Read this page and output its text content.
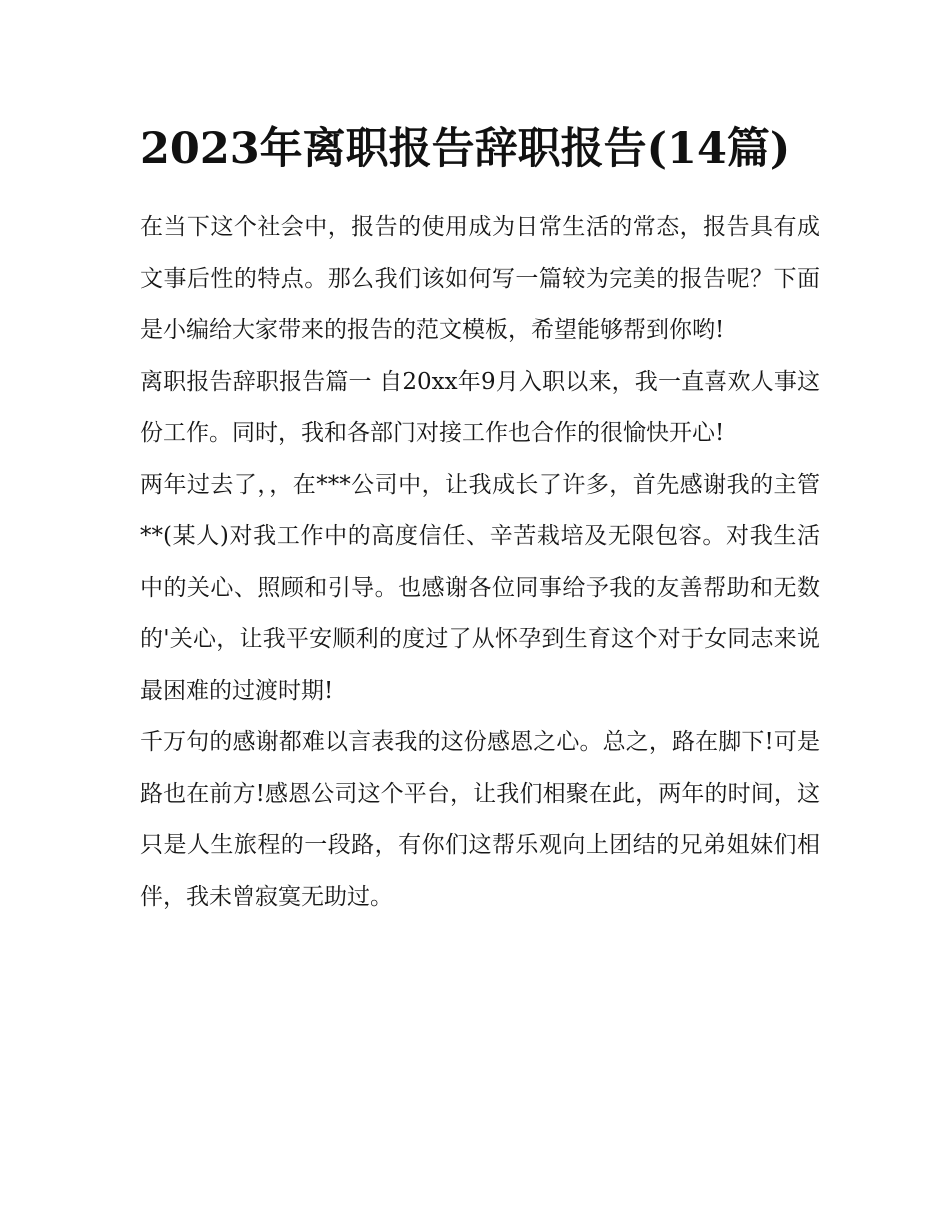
2023年离职报告辞职报告(14篇)

在当下这个社会中，报告的使用成为日常生活的常态，报告具有成文事后性的特点。那么我们该如何写一篇较为完美的报告呢？下面是小编给大家带来的报告的范文模板，希望能够帮到你哟!

离职报告辞职报告篇一 自20xx年9月入职以来，我一直喜欢人事这份工作。同时，我和各部门对接工作也合作的很愉快开心!

两年过去了，，在***公司中，让我成长了许多，首先感谢我的主管**(某人)对我工作中的高度信任、辛苦栽培及无限包容。对我生活中的关心、照顾和引导。也感谢各位同事给予我的友善帮助和无数的'关心，让我平安顺利的度过了从怀孕到生育这个对于女同志来说最困难的过渡时期!

千万句的感谢都难以言表我的这份感恩之心。总之，路在脚下!可是路也在前方!感恩公司这个平台，让我们相聚在此，两年的时间，这只是人生旅程的一段路，有你们这帮乐观向上团结的兄弟姐妹们相伴，我未曾寂寞无助过。
